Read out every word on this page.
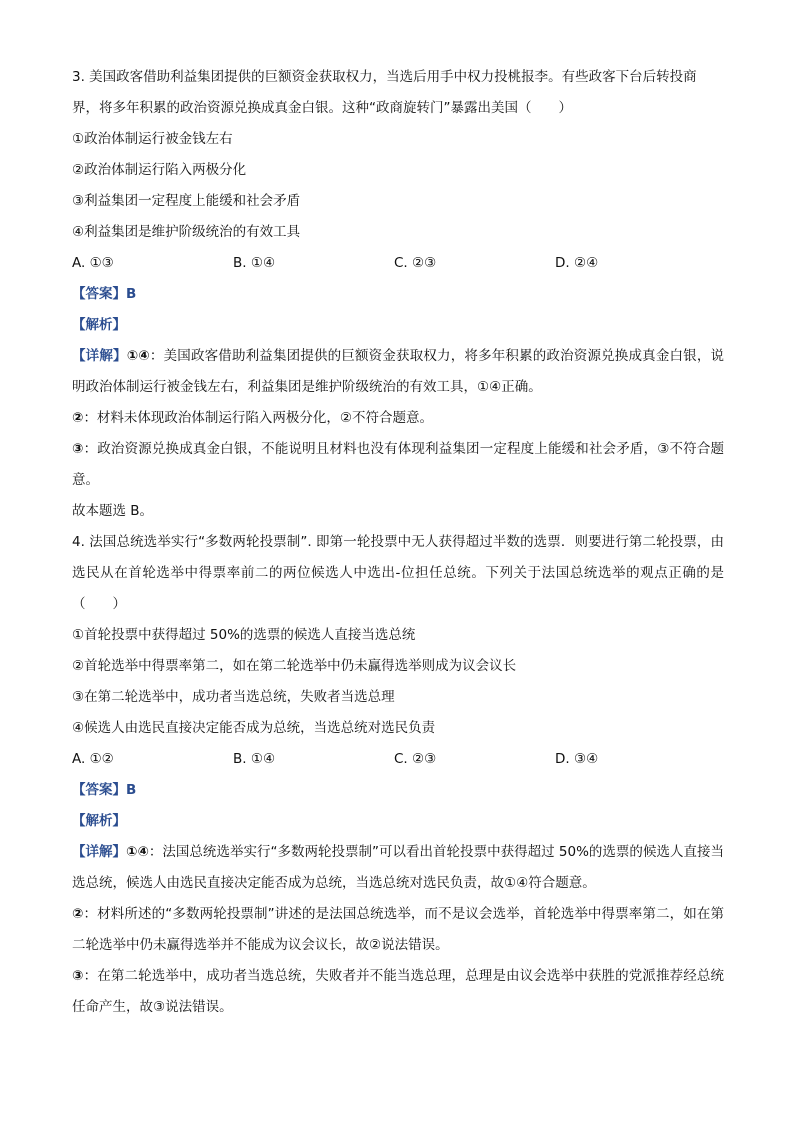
3. 美国政客借助利益集团提供的巨额资金获取权力，当选后用手中权力投桃报李。有些政客下台后转投商
界，将多年积累的政治资源兑换成真金白银。这种“政商旋转门”暴露出美国（　　）
①政治体制运行被金钱左右
②政治体制运行陷入两极分化
③利益集团一定程度上能缓和社会矛盾
④利益集团是维护阶级统治的有效工具
A. ①③	B. ①④	C. ②③	D. ②④
【答案】B
【解析】
【详解】①④：美国政客借助利益集团提供的巨额资金获取权力，将多年积累的政治资源兑换成真金白银，说明政治体制运行被金钱左右，利益集团是维护阶级统治的有效工具，①④正确。
②：材料未体现政治体制运行陷入两极分化，②不符合题意。
③：政治资源兑换成真金白银，不能说明且材料也没有体现利益集团一定程度上能缓和社会矛盾，③不符合题意。
故本题选 B。
4. 法国总统选举实行“多数两轮投票制”. 即第一轮投票中无人获得超过半数的选票．则要进行第二轮投票，由选民从在首轮选举中得票率前二的两位候选人中选出-位担任总统。下列关于法国总统选举的观点正确的是（　　）
①首轮投票中获得超过 50%的选票的候选人直接当选总统
②首轮选举中得票率第二，如在第二轮选举中仍未赢得选举则成为议会议长
③在第二轮选举中，成功者当选总统，失败者当选总理
④候选人由选民直接决定能否成为总统，当选总统对选民负责
A. ①②	B. ①④	C. ②③	D. ③④
【答案】B
【解析】
【详解】①④：法国总统选举实行“多数两轮投票制”可以看出首轮投票中获得超过 50%的选票的候选人直接当选总统，候选人由选民直接决定能否成为总统，当选总统对选民负责，故①④符合题意。
②：材料所述的“多数两轮投票制”讲述的是法国总统选举，而不是议会选举，首轮选举中得票率第二，如在第二轮选举中仍未赢得选举并不能成为议会议长，故②说法错误。
③：在第二轮选举中，成功者当选总统，失败者并不能当选总理，总理是由议会选举中获胜的党派推荐经总统任命产生，故③说法错误。
